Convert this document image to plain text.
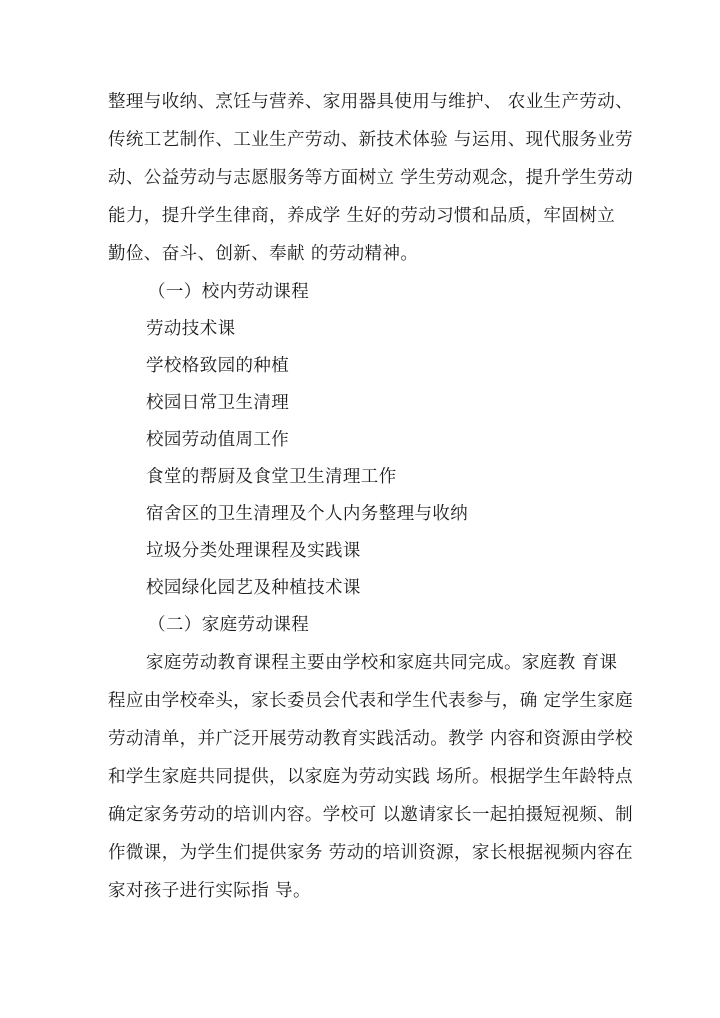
整理与收纳、烹饪与营养、家用器具使用与维护、 农业生产劳动、
传统工艺制作、工业生产劳动、新技术体验 与运用、现代服务业劳
动、公益劳动与志愿服务等方面树立 学生劳动观念，提升学生劳动
能力，提升学生律商，养成学 生好的劳动习惯和品质，牢固树立
勤俭、奋斗、创新、奉献 的劳动精神。
（一）校内劳动课程
劳动技术课
学校格致园的种植
校园日常卫生清理
校园劳动值周工作
食堂的帮厨及食堂卫生清理工作
宿舍区的卫生清理及个人内务整理与收纳
垃圾分类处理课程及实践课
校园绿化园艺及种植技术课
（二）家庭劳动课程
家庭劳动教育课程主要由学校和家庭共同完成。家庭教 育课
程应由学校牵头，家长委员会代表和学生代表参与，确 定学生家庭
劳动清单，并广泛开展劳动教育实践活动。教学 内容和资源由学校
和学生家庭共同提供，以家庭为劳动实践 场所。根据学生年龄特点
确定家务劳动的培训内容。学校可 以邀请家长一起拍摄短视频、制
作微课，为学生们提供家务 劳动的培训资源，家长根据视频内容在
家对孩子进行实际指 导。
